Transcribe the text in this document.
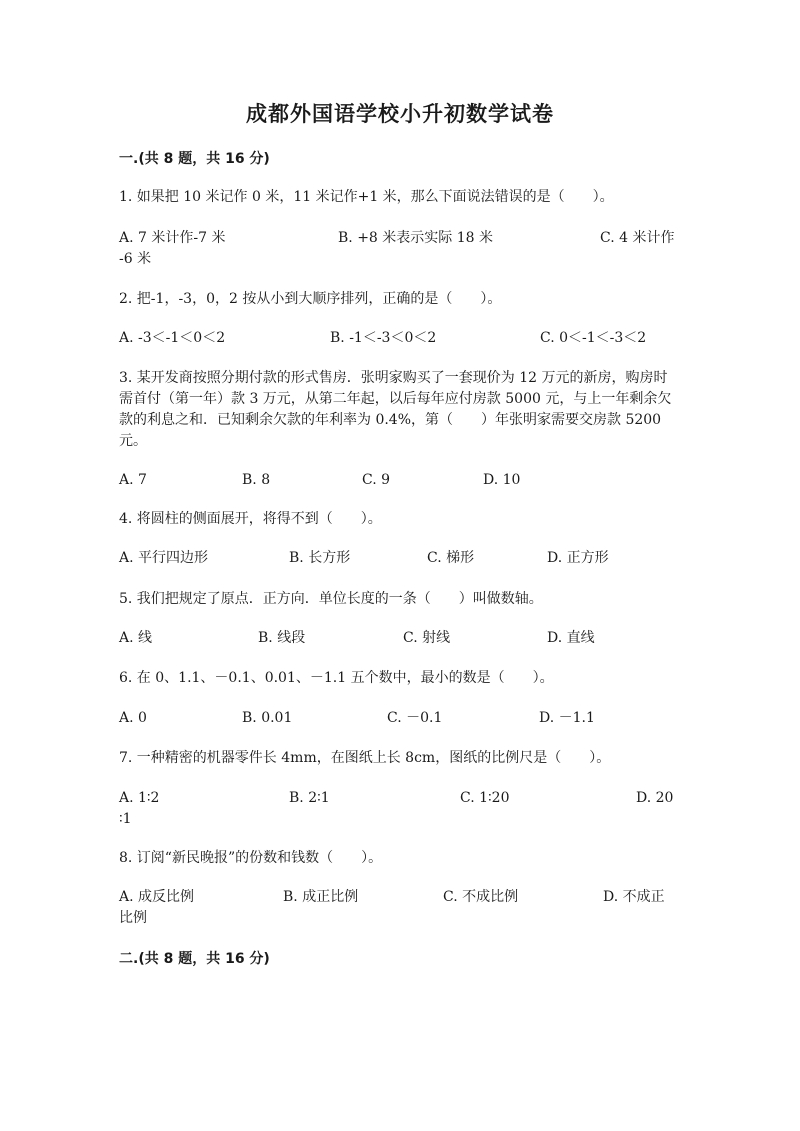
成都外国语学校小升初数学试卷
一.(共 8 题，共 16 分)
1. 如果把 10 米记作 0 米，11 米记作+1 米，那么下面说法错误的是（　　）。
A. 7 米计作-7 米	B. +8 米表示实际 18 米	C. 4 米计作
-6 米
2. 把-1，-3，0，2 按从小到大顺序排列，正确的是（　　）。
A. -3＜-1＜0＜2	B. -1＜-3＜0＜2	C. 0＜-1＜-3＜2
3. 某开发商按照分期付款的形式售房．张明家购买了一套现价为 12 万元的新房，购房时需首付（第一年）款 3 万元，从第二年起，以后每年应付房款 5000 元，与上一年剩余欠款的利息之和．已知剩余欠款的年利率为 0.4%，第（　　）年张明家需要交房款 5200 元。
A. 7	B. 8	C. 9	D. 10
4. 将圆柱的侧面展开，将得不到（　　）。
A. 平行四边形	B. 长方形	C. 梯形	D. 正方形
5. 我们把规定了原点．正方向．单位长度的一条（　　）叫做数轴。
A. 线	B. 线段	C. 射线	D. 直线
6. 在 0、1.1、－0.1、0.01、－1.1 五个数中，最小的数是（　　）。
A. 0	B. 0.01	C. －0.1	D. －1.1
7. 一种精密的机器零件长 4mm，在图纸上长 8cm，图纸的比例尺是（　　）。
A. 1∶2	B. 2∶1	C. 1∶20	D. 20
∶1
8. 订阅“新民晚报”的份数和钱数（　　）。
A. 成反比例	B. 成正比例	C. 不成比例	D. 不成正
比例
二.(共 8 题，共 16 分)
